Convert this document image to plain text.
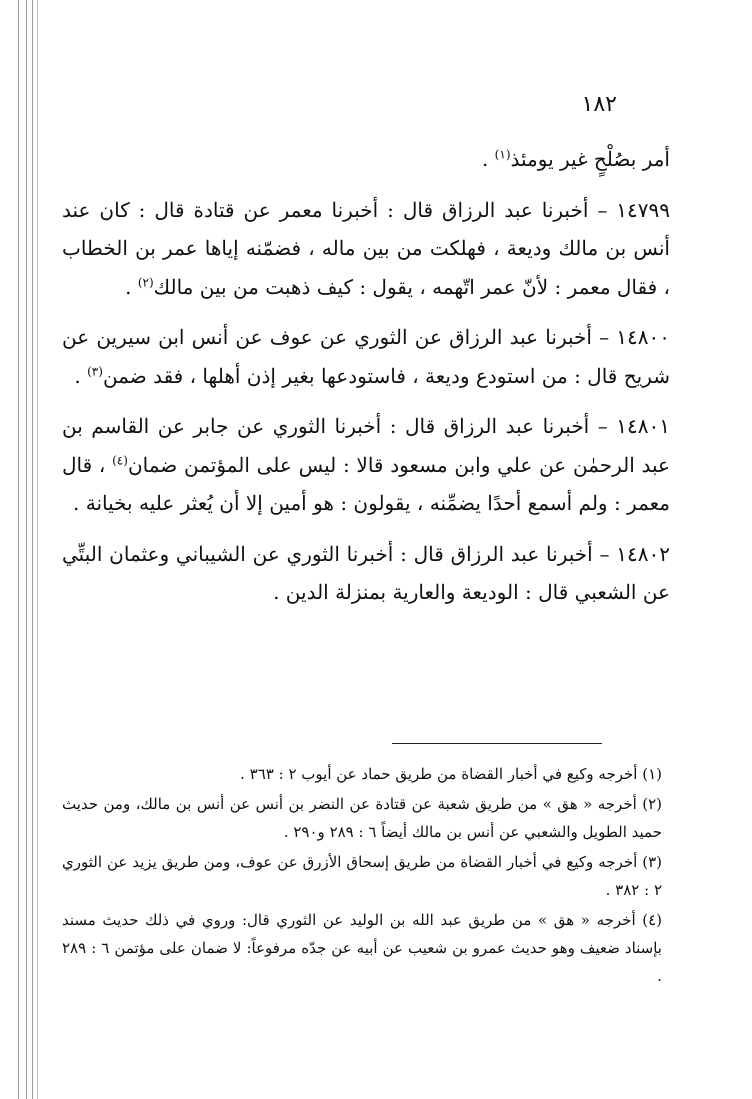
١٨٢

أمر بصُلْحٍ غير يومئذ$^{(١)}$ .

١٤٧٩٩ – أخبرنا عبد الرزاق قال : أخبرنا معمر عن قتادة قال : كان عند أنس بن مالك وديعة ، فهلكت من بين ماله ، فضمّنه إياها عمر بن الخطاب ، فقال معمر : لأنّ عمر اتّهمه ، يقول : كيف ذهبت من بين مالك$^{(٢)}$ .

١٤٨٠٠ – أخبرنا عبد الرزاق عن الثوري عن عوف عن أنس ابن سيرين عن شريح قال : من استودع وديعة ، فاستودعها بغير إذن أهلها ، فقد ضمن$^{(٣)}$ .

١٤٨٠١ – أخبرنا عبد الرزاق قال : أخبرنا الثوري عن جابر عن القاسم بن عبد الرحمٰن عن علي وابن مسعود قالا : ليس على المؤتمن ضمان$^{(٤)}$ ، قال معمر : ولم أسمع أحدًا يضمِّنه ، يقولون : هو أمين إلا أن يُعثر عليه بخيانة .

١٤٨٠٢ – أخبرنا عبد الرزاق قال : أخبرنا الثوري عن الشيباني وعثمان البتِّي عن الشعبي قال : الوديعة والعارية بمنزلة الدين .

(١) أخرجه وكيع في أخبار القضاة من طريق حماد عن أيوب ٢ : ٣٦٣ .

(٢) أخرجه « هق » من طريق شعبة عن قتادة عن النضر بن أنس عن أنس بن مالك، ومن حديث حميد الطويل والشعبي عن أنس بن مالك أيضاً ٦ : ٢٨٩ و٢٩٠ .

(٣) أخرجه وكيع في أخبار القضاة من طريق إسحاق الأزرق عن عوف، ومن طريق يزيد عن الثوري ٢ : ٣٨٢ .

(٤) أخرجه « هق » من طريق عبد الله بن الوليد عن الثوري قال: وروي في ذلك حديث مسند بإسناد ضعيف وهو حديث عمرو بن شعيب عن أبيه عن جدّه مرفوعاً: لا ضمان على مؤتمن ٦ : ٢٨٩ .
